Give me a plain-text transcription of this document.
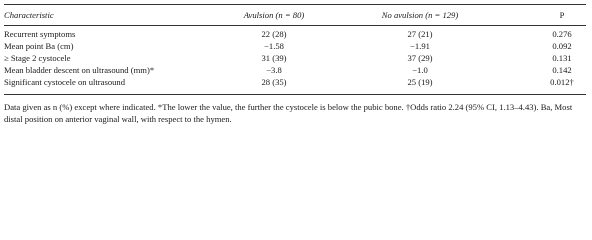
Characteristic	Avulsion (n = 80)	No avulsion (n = 129)	P
Recurrent symptoms	22 (28)	27 (21)	0.276
Mean point Ba (cm)	−1.58	−1.91	0.092
≥ Stage 2 cystocele	31 (39)	37 (29)	0.131
Mean bladder descent on ultrasound (mm)*	−3.8	−1.0	0.142
Significant cystocele on ultrasound	28 (35)	25 (19)	0.012†
Data given as n (%) except where indicated. *The lower the value, the further the cystocele is below the pubic bone. †Odds ratio 2.24 (95% CI, 1.13–4.43). Ba, Most distal position on anterior vaginal wall, with respect to the hymen.
